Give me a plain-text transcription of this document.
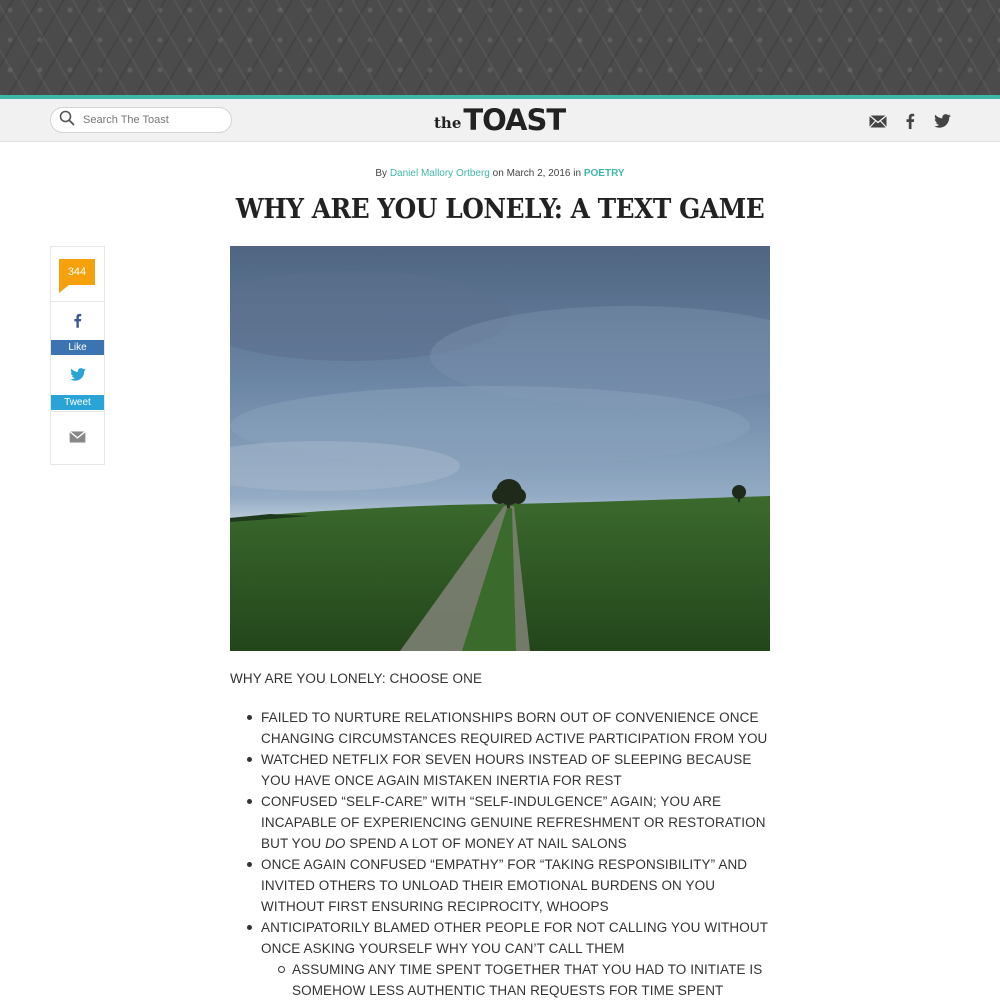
Search The Toast
the TOAST
By Daniel Mallory Ortberg on March 2, 2016 in POETRY
WHY ARE YOU LONELY: A TEXT GAME
344
Like
Tweet

WHY ARE YOU LONELY: CHOOSE ONE

FAILED TO NURTURE RELATIONSHIPS BORN OUT OF CONVENIENCE ONCE CHANGING CIRCUMSTANCES REQUIRED ACTIVE PARTICIPATION FROM YOU
WATCHED NETFLIX FOR SEVEN HOURS INSTEAD OF SLEEPING BECAUSE YOU HAVE ONCE AGAIN MISTAKEN INERTIA FOR REST
CONFUSED “SELF-CARE” WITH “SELF-INDULGENCE” AGAIN; YOU ARE INCAPABLE OF EXPERIENCING GENUINE REFRESHMENT OR RESTORATION BUT YOU DO SPEND A LOT OF MONEY AT NAIL SALONS
ONCE AGAIN CONFUSED “EMPATHY” FOR “TAKING RESPONSIBILITY” AND INVITED OTHERS TO UNLOAD THEIR EMOTIONAL BURDENS ON YOU WITHOUT FIRST ENSURING RECIPROCITY, WHOOPS
ANTICIPATORILY BLAMED OTHER PEOPLE FOR NOT CALLING YOU WITHOUT ONCE ASKING YOURSELF WHY YOU CAN’T CALL THEM
ASSUMING ANY TIME SPENT TOGETHER THAT YOU HAD TO INITIATE IS SOMEHOW LESS AUTHENTIC THAN REQUESTS FOR TIME SPENT
